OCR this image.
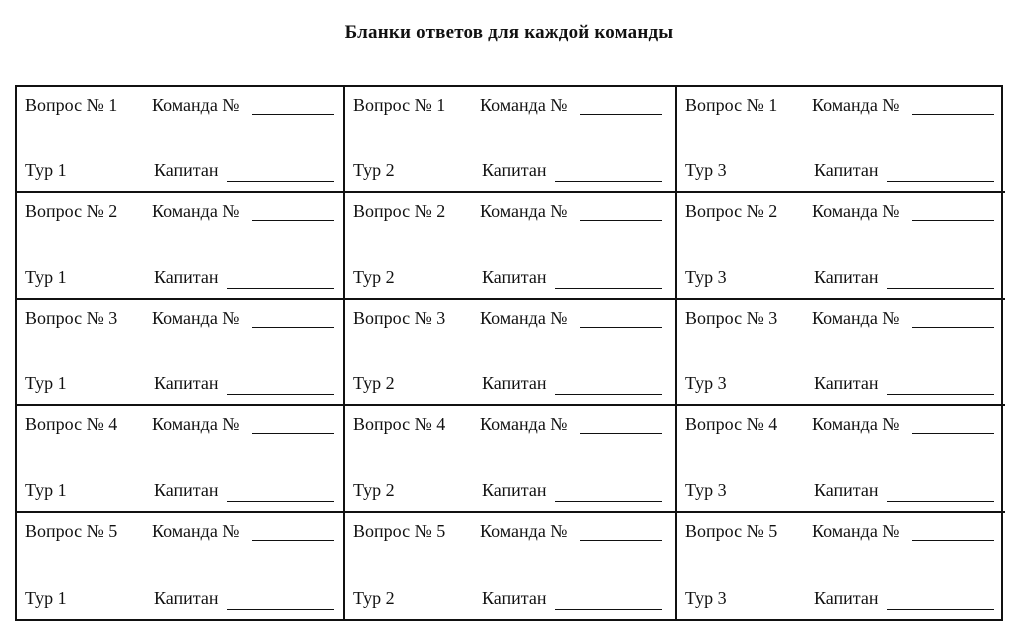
Бланки ответов для каждой команды
Вопрос № 1 Команда №
Тур 1	Капитан
Вопрос № 1 Команда №
Тур 2	Капитан
Вопрос № 1 Команда №
Тур 3	Капитан
Вопрос № 2 Команда №
Тур 1	Капитан
Вопрос № 2 Команда №
Тур 2	Капитан
Вопрос № 2 Команда №
Тур 3	Капитан
Вопрос № 3 Команда №
Тур 1	Капитан
Вопрос № 3 Команда №
Тур 2	Капитан
Вопрос № 3 Команда №
Тур 3	Капитан
Вопрос № 4 Команда №
Тур 1	Капитан
Вопрос № 4 Команда №
Тур 2	Капитан
Вопрос № 4 Команда №
Тур 3	Капитан
Вопрос № 5 Команда №
Тур 1	Капитан
Вопрос № 5 Команда №
Тур 2	Капитан
Вопрос № 5 Команда №
Тур 3	Капитан
